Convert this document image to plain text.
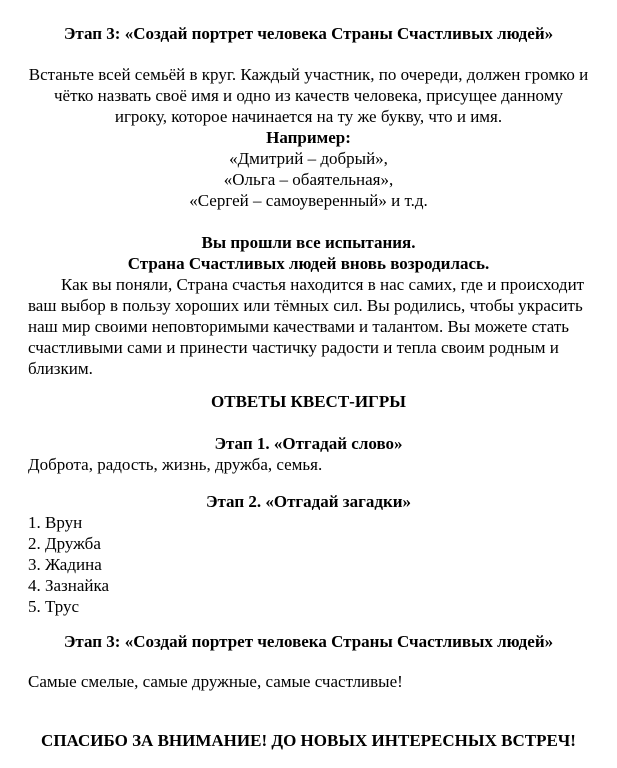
Этап 3: «Создай портрет человека Страны Счастливых людей»

Встаньте всей семьёй в круг. Каждый участник, по очереди, должен громко и чётко назвать своё имя и одно из качеств человека, присущее данному игроку, которое начинается на ту же букву, что и имя.

Например:
«Дмитрий – добрый»,
«Ольга – обаятельная»,
«Сергей – самоуверенный» и т.д.
Вы прошли все испытания.
Страна Счастливых людей вновь возродилась.

Как вы поняли, Страна счастья находится в нас самих, где и происходит ваш выбор в пользу хороших или тёмных сил. Вы родились, чтобы украсить наш мир своими неповторимыми качествами и талантом. Вы можете стать счастливыми сами и принести частичку радости и тепла своим родным и близким.

ОТВЕТЫ КВЕСТ-ИГРЫ
Этап 1. «Отгадай слово»
Доброта, радость, жизнь, дружба, семья.
Этап 2. «Отгадай загадки»
1. Врун
2. Дружба
3. Жадина
4. Зазнайка
5. Трус
Этап 3: «Создай портрет человека Страны Счастливых людей»
Самые смелые, самые дружные, самые счастливые!
СПАСИБО ЗА ВНИМАНИЕ! ДО НОВЫХ ИНТЕРЕСНЫХ ВСТРЕЧ!
